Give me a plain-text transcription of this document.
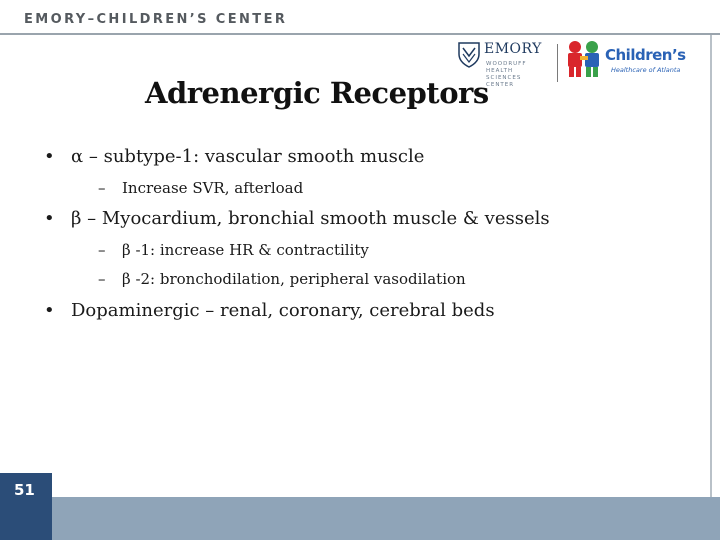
EMORY–CHILDREN’S CENTER
EMORY
WOODRUFF
HEALTH
SCIENCES
CENTER
Children’s
Healthcare of Atlanta
Adrenergic Receptors
• α – subtype-1: vascular smooth muscle
– Increase SVR, afterload
• β – Myocardium, bronchial smooth muscle & vessels
– β -1: increase HR & contractility
– β -2: bronchodilation, peripheral vasodilation
• Dopaminergic – renal, coronary, cerebral beds
51
